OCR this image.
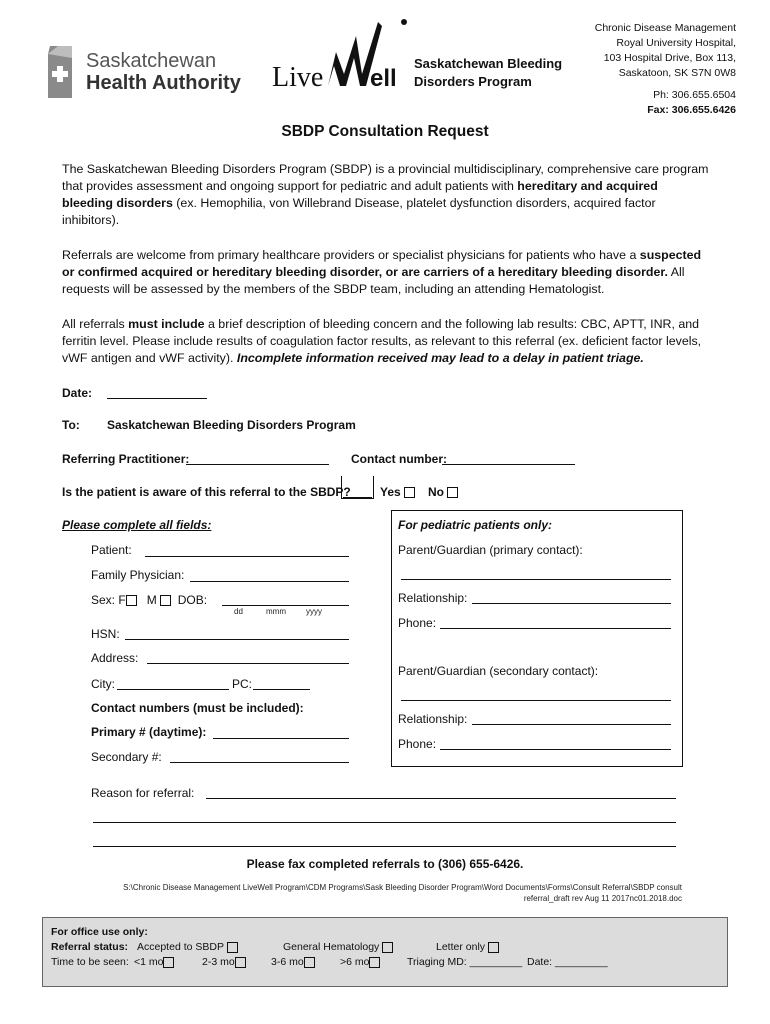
Saskatchewan
Health Authority Live ell
Saskatchewan Bleeding
Disorders Program
Chronic Disease Management
Royal University Hospital,
103 Hospital Drive, Box 113,
Saskatoon, SK S7N 0W8
Ph: 306.655.6504
Fax: 306.655.6426
SBDP Consultation Request
The Saskatchewan Bleeding Disorders Program (SBDP) is a provincial multidisciplinary, comprehensive care program that provides assessment and ongoing support for pediatric and adult patients with hereditary and acquired bleeding disorders (ex. Hemophilia, von Willebrand Disease, platelet dysfunction disorders, acquired factor inhibitors).
Referrals are welcome from primary healthcare providers or specialist physicians for patients who have a suspected or confirmed acquired or hereditary bleeding disorder, or are carriers of a hereditary bleeding disorder. All requests will be assessed by the members of the SBDP team, including an attending Hematologist.
All referrals must include a brief description of bleeding concern and the following lab results: CBC, APTT, INR, and ferritin level. Please include results of coagulation factor results, as relevant to this referral (ex. deficient factor levels, vWF antigen and vWF activity). Incomplete information received may lead to a delay in patient triage.
Date:
To: Saskatchewan Bleeding Disorders Program
Referring Practitioner:	Contact number:
Is the patient is aware of this referral to the SBDP? Yes	No
Please complete all fields:
Patient:
Family Physician:
Sex: F M DOB:
dd	mmm	yyyy
HSN:
Address:
City:	PC:
Contact numbers (must be included):
Primary # (daytime):
Secondary #:
For pediatric patients only:
Parent/Guardian (primary contact):
Relationship:
Phone:
Parent/Guardian (secondary contact):
Relationship:
Phone:
Reason for referral:
Please fax completed referrals to (306) 655-6426.
S:\Chronic Disease Management LiveWell Program\CDM Programs\Sask Bleeding Disorder Program\Word Documents\Forms\Consult Referral\SBDP consult
referral_draft rev Aug 11 2017nc01.2018.doc
For office use only:
Referral status: Accepted to SBDP	General Hematology	Letter only
Time to be seen: <1 mo	2-3 mo	3-6 mo	>6 mo	Triaging MD: _________ Date: _________
